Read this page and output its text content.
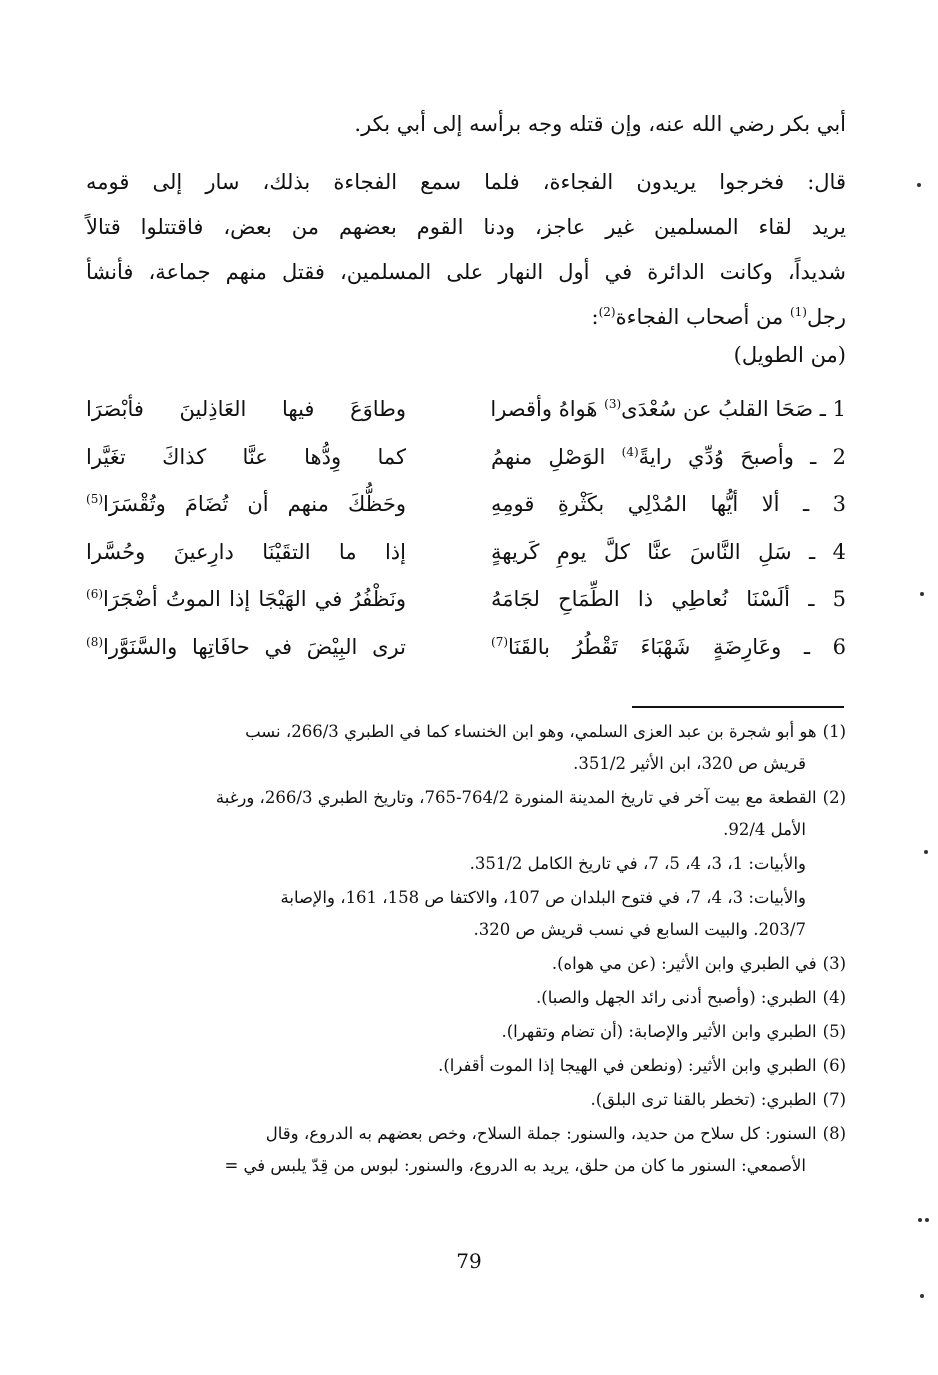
أبي بكر رضي الله عنه، وإن قتله وجه برأسه إلى أبي بكر.
قال: فخرجوا يريدون الفجاءة، فلما سمع الفجاءة بذلك، سار إلى قومه
يريد لقاء المسلمين غير عاجز، ودنا القوم بعضهم من بعض، فاقتتلوا قتالاً
شديداً، وكانت الدائرة في أول النهار على المسلمين، فقتل منهم جماعة، فأنشأ
رجل$^{(1)}$ من أصحاب الفجاءة$^{(2)}$:
(من الطويل)
1 ـ صَحَا القلبُ عن سُعْدَى$^{(3)}$ هَواهُ وأقصرا
وطاوَعَ فيها العَاذِلينَ فأبْصَرَا
2 ـ وأصبحَ وُدِّي رايةً$^{(4)}$ الوَصْلِ منهمُ
كما وِدُّها عنَّا كذاكَ تغَيَّرا
3 ـ ألا أيُّها المُدْلِي بكَثْرةِ قومِهِ
وحَظُّكَ منهم أن تُضَامَ وتُقْسَرَا$^{(5)}$
4 ـ سَلِ النَّاسَ عنَّا كلَّ يومِ كَريهةٍ
إذا ما التقَيْنَا دارِعينَ وحُسَّرا
5 ـ ألَسْنَا نُعاطِي ذا الطِّمَاحِ لجَامَهُ
ونَظْفُرُ في الهَيْجَا إذا الموتُ أضْجَرَا$^{(6)}$
6 ـ وعَارِضَةٍ شَهْبَاءَ تَقْطُرُ بالقَنَا$^{(7)}$
ترى البِيْضَ في حافَاتِها والسَّنَوَّرا$^{(8)}$
(1)هو أبو شجرة بن عبد العزى السلمي، وهو ابن الخنساء كما في الطبري 266/3، نسب
قريش ص 320، ابن الأثير 351/2.
(2)القطعة مع بيت آخر في تاريخ المدينة المنورة 764/2-765، وتاريخ الطبري 266/3، ورغبة
الأمل 92/4.
والأبيات: 1، 3، 4، 5، 7، في تاريخ الكامل 351/2.
والأبيات: 3، 4، 7، في فتوح البلدان ص 107، والاكتفا ص 158، 161، والإصابة
203/7. والبيت السابع في نسب قريش ص 320.
(3)في الطبري وابن الأثير: (عن مي هواه).
(4)الطبري: (وأصبح أدنى رائد الجهل والصبا).
(5)الطبري وابن الأثير والإصابة: (أن تضام وتقهرا).
(6)الطبري وابن الأثير: (ونطعن في الهيجا إذا الموت أقفرا).
(7)الطبري: (تخطر بالقنا ترى البلق).
(8)السنور: كل سلاح من حديد، والسنور: جملة السلاح، وخص بعضهم به الدروع، وقال
الأصمعي: السنور ما كان من حلق، يريد به الدروع، والسنور: لبوس من قِدّ يلبس في =
79
